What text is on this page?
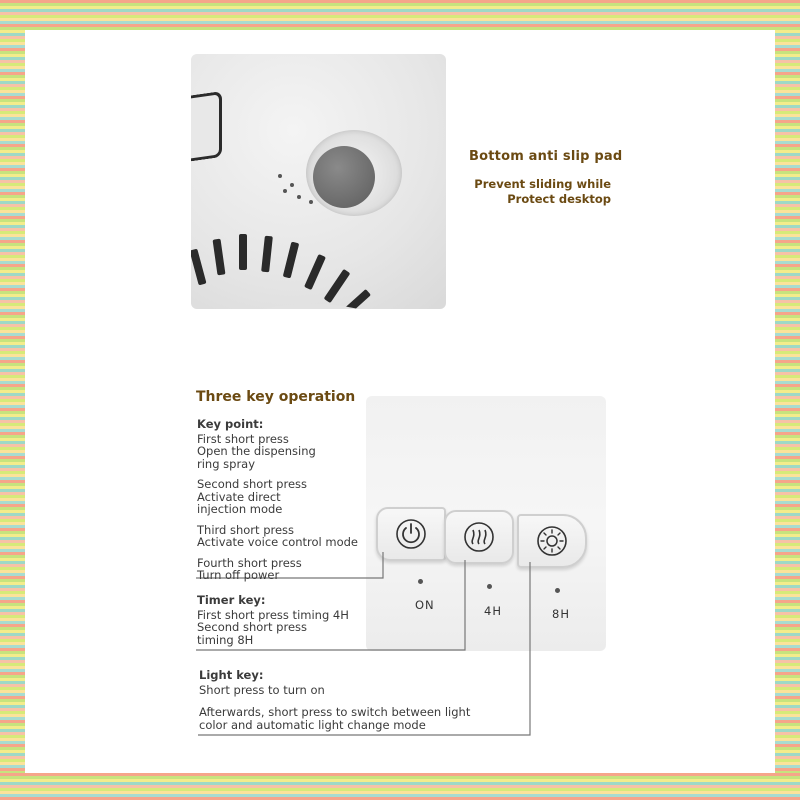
Bottom anti slip pad
Prevent sliding while
Protect desktop
Three key operation
ON	4H	8H
Key point:
First short press
Open the dispensing
ring spray
Second short press
Activate direct
injection mode
Third short press
Activate voice control mode
Fourth short press
Turn off power
Timer key:
First short press timing 4H
Second short press
timing 8H
Light key:
Short press to turn on
Afterwards, short press to switch between light
color and automatic light change mode
